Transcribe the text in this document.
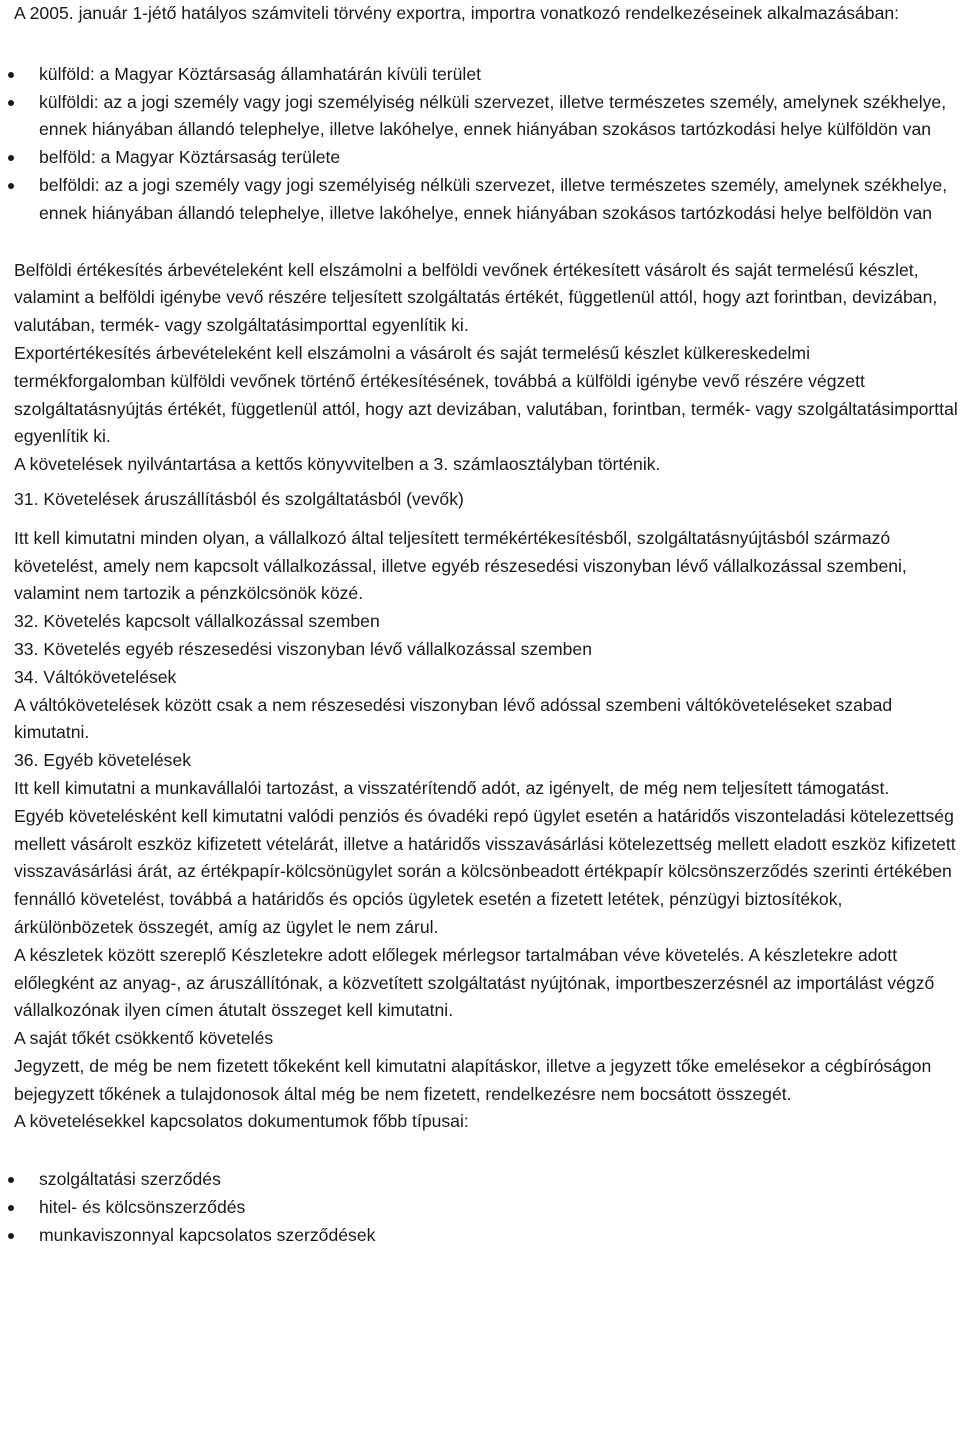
A 2005. január 1-jétő hatályos számviteli törvény exportra, importra vonatkozó rendelkezéseinek alkalmazásában:

külföld: a Magyar Köztársaság államhatárán kívüli terület
külföldi: az a jogi személy vagy jogi személyiség nélküli szervezet, illetve természetes személy, amelynek székhelye, ennek hiányában állandó telephelye, illetve lakóhelye, ennek hiányában szokásos tartózkodási helye külföldön van
belföld: a Magyar Köztársaság területe
belföldi: az a jogi személy vagy jogi személyiség nélküli szervezet, illetve természetes személy, amelynek székhelye, ennek hiányában állandó telephelye, illetve lakóhelye, ennek hiányában szokásos tartózkodási helye belföldön van

Belföldi értékesítés árbevételeként kell elszámolni a belföldi vevőnek értékesített vásárolt és saját termelésű készlet, valamint a belföldi igénybe vevő részére teljesített szolgáltatás értékét, függetlenül attól, hogy azt forintban, devizában, valutában, termék- vagy szolgáltatásimporttal egyenlítik ki.

Exportértékesítés árbevételeként kell elszámolni a vásárolt és saját termelésű készlet külkereskedelmi termékforgalomban külföldi vevőnek történő értékesítésének, továbbá a külföldi igénybe vevő részére végzett szolgáltatásnyújtás értékét, függetlenül attól, hogy azt devizában, valutában, forintban, termék- vagy szolgáltatásimporttal egyenlítik ki.

A követelések nyilvántartása a kettős könyvvitelben a 3. számlaosztályban történik.

31. Követelések áruszállításból és szolgáltatásból (vevők)

Itt kell kimutatni minden olyan, a vállalkozó által teljesített termékértékesítésből, szolgáltatásnyújtásból származó követelést, amely nem kapcsolt vállalkozással, illetve egyéb részesedési viszonyban lévő vállalkozással szembeni, valamint nem tartozik a pénzkölcsönök közé.

32. Követelés kapcsolt vállalkozással szemben

33. Követelés egyéb részesedési viszonyban lévő vállalkozással szemben

34. Váltókövetelések

A váltókövetelések között csak a nem részesedési viszonyban lévő adóssal szembeni váltóköveteléseket szabad kimutatni.

36. Egyéb követelések

Itt kell kimutatni a munkavállalói tartozást, a visszatérítendő adót, az igényelt, de még nem teljesített támogatást.

Egyéb követelésként kell kimutatni valódi penziós és óvadéki repó ügylet esetén a határidős viszonteladási kötelezettség mellett vásárolt eszköz kifizetett vételárát, illetve a határidős visszavásárlási kötelezettség mellett eladott eszköz kifizetett visszavásárlási árát, az értékpapír-kölcsönügylet során a kölcsönbeadott értékpapír kölcsönszerződés szerinti értékében fennálló követelést, továbbá a határidős és opciós ügyletek esetén a fizetett letétek, pénzügyi biztosítékok, árkülönbözetek összegét, amíg az ügylet le nem zárul.

A készletek között szereplő Készletekre adott előlegek mérlegsor tartalmában véve követelés. A készletekre adott előlegként az anyag-, az áruszállítónak, a közvetített szolgáltatást nyújtónak, importbeszerzésnél az importálást végző vállalkozónak ilyen címen átutalt összeget kell kimutatni.

A saját tőkét csökkentő követelés

Jegyzett, de még be nem fizetett tőkeként kell kimutatni alapításkor, illetve a jegyzett tőke emelésekor a cégbíróságon bejegyzett tőkének a tulajdonosok által még be nem fizetett, rendelkezésre nem bocsátott összegét.

A követelésekkel kapcsolatos dokumentumok főbb típusai:

szolgáltatási szerződés
hitel- és kölcsönszerződés
munkaviszonnyal kapcsolatos szerződések
